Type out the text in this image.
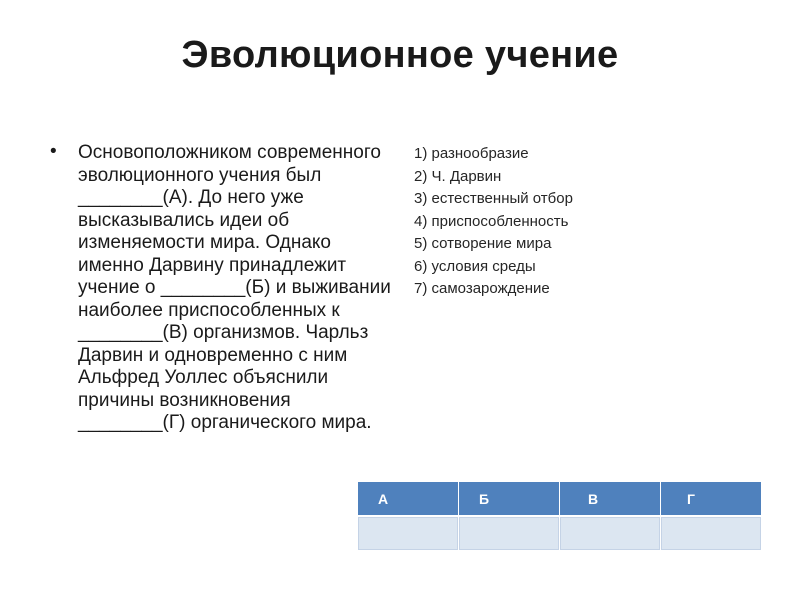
Эволюционное учение
• Основоположником современного эволюционного учения был ________(А). До него уже высказывались идеи об изменяемости мира. Однако именно Дарвину принадлежит учение о ________(Б) и выживании наиболее приспособленных к ________(В) организмов. Чарльз Дарвин и одновременно с ним Альфред Уоллес объяснили причины возникновения ________(Г) органического мира.
1) разнообразие
2) Ч. Дарвин
3) естественный отбор
4) приспособленность
5) сотворение мира
6) условия среды
7) самозарождение
А	Б	В	Г
